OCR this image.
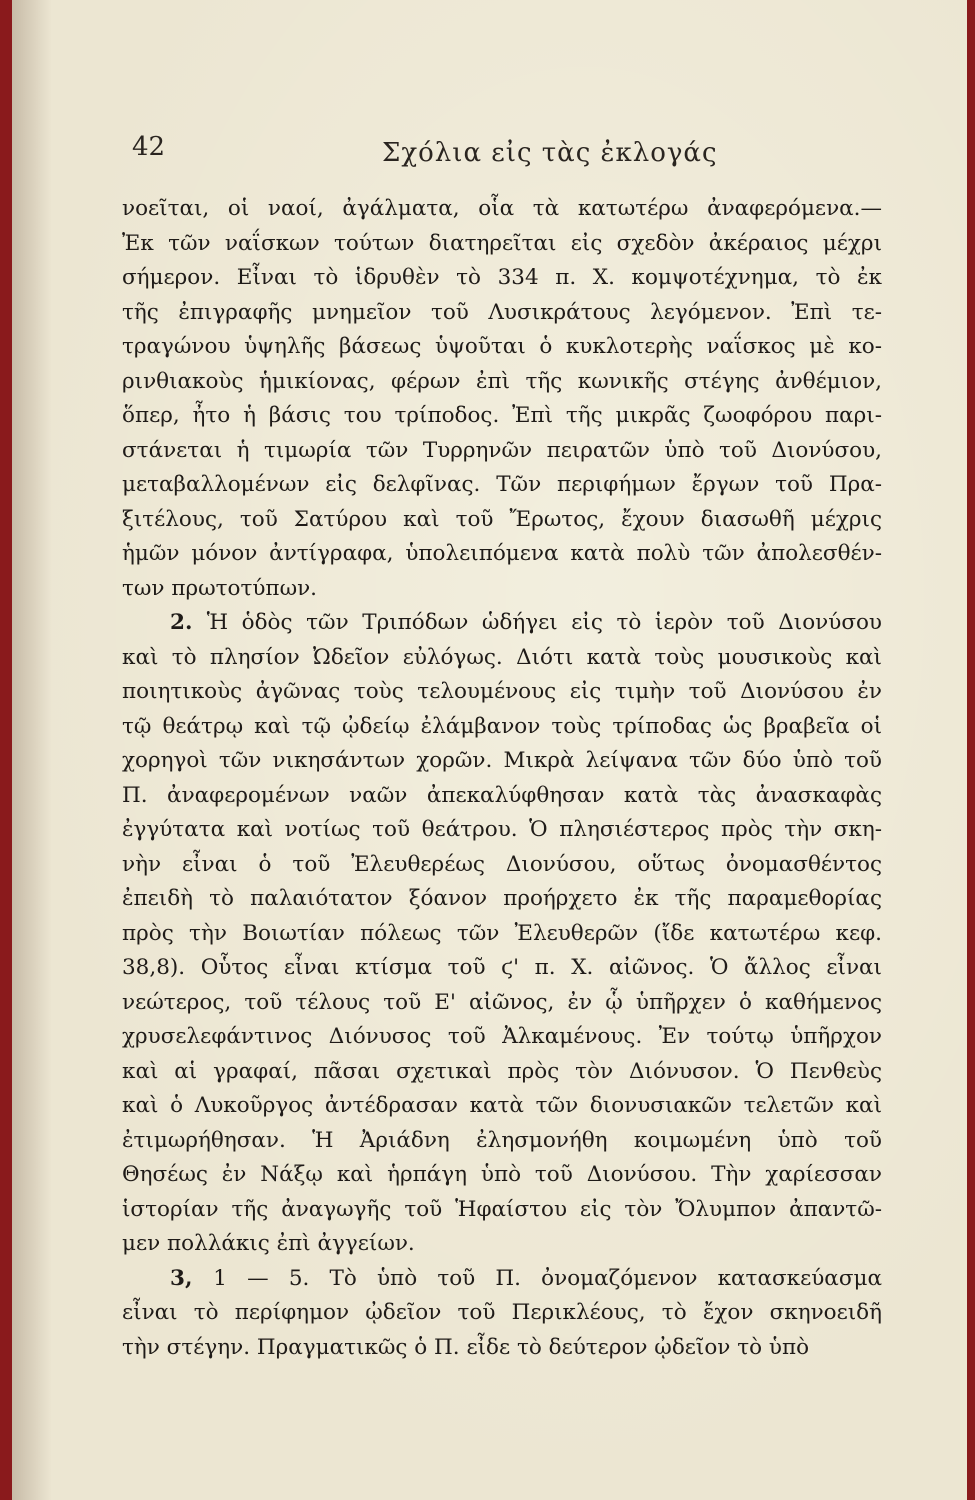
42	Σχόλια εἰς τὰς ἐκλογάς
νοεῖται, οἱ ναοί, ἀγάλματα, οἷα τὰ κατωτέρω ἀναφερόμενα.—
Ἐκ τῶν ναΐσκων τούτων διατηρεῖται εἰς σχεδὸν ἀκέραιος μέχρι
σήμερον. Εἶναι τὸ ἱδρυθὲν τὸ 334 π. Χ. κομψοτέχνημα, τὸ ἐκ
τῆς ἐπιγραφῆς μνημεῖον τοῦ Λυσικράτους λεγόμενον. Ἐπὶ τε-
τραγώνου ὑψηλῆς βάσεως ὑψοῦται ὁ κυκλοτερὴς ναΐσκος μὲ κο-
ρινθιακοὺς ἡμικίονας, φέρων ἐπὶ τῆς κωνικῆς στέγης ἀνθέμιον,
ὅπερ, ἦτο ἡ βάσις του τρίποδος. Ἐπὶ τῆς μικρᾶς ζωοφόρου παρι-
στάνεται ἡ τιμωρία τῶν Τυρρηνῶν πειρατῶν ὑπὸ τοῦ Διονύσου,
μεταβαλλομένων εἰς δελφῖνας. Τῶν περιφήμων ἔργων τοῦ Πρα-
ξιτέλους, τοῦ Σατύρου καὶ τοῦ Ἔρωτος, ἔχουν διασωθῆ μέχρις
ἡμῶν μόνον ἀντίγραφα, ὑπολειπόμενα κατὰ πολὺ τῶν ἀπολεσθέν-
των πρωτοτύπων.
2. Ἡ ὁδὸς τῶν Τριπόδων ὡδήγει εἰς τὸ ἱερὸν τοῦ Διονύσου
καὶ τὸ πλησίον Ὠδεῖον εὐλόγως. Διότι κατὰ τοὺς μουσικοὺς καὶ
ποιητικοὺς ἀγῶνας τοὺς τελουμένους εἰς τιμὴν τοῦ Διονύσου ἐν
τῷ θεάτρῳ καὶ τῷ ᾠδείῳ ἐλάμβανον τοὺς τρίποδας ὡς βραβεῖα οἱ
χορηγοὶ τῶν νικησάντων χορῶν. Μικρὰ λείψανα τῶν δύο ὑπὸ τοῦ
Π. ἀναφερομένων ναῶν ἀπεκαλύφθησαν κατὰ τὰς ἀνασκαφὰς
ἐγγύτατα καὶ νοτίως τοῦ θεάτρου. Ὁ πλησιέστερος πρὸς τὴν σκη-
νὴν εἶναι ὁ τοῦ Ἐλευθερέως Διονύσου, οὕτως ὀνομασθέντος
ἐπειδὴ τὸ παλαιότατον ξόανον προήρχετο ἐκ τῆς παραμεθορίας
πρὸς τὴν Βοιωτίαν πόλεως τῶν Ἐλευθερῶν (ἴδε κατωτέρω κεφ.
38,8). Οὗτος εἶναι κτίσμα τοῦ ϛ' π. Χ. αἰῶνος. Ὁ ἄλλος εἶναι
νεώτερος, τοῦ τέλους τοῦ Ε' αἰῶνος, ἐν ᾧ ὑπῆρχεν ὁ καθήμενος
χρυσελεφάντινος Διόνυσος τοῦ Ἀλκαμένους. Ἐν τούτῳ ὑπῆρχον
καὶ αἱ γραφαί, πᾶσαι σχετικαὶ πρὸς τὸν Διόνυσον. Ὁ Πενθεὺς
καὶ ὁ Λυκοῦργος ἀντέδρασαν κατὰ τῶν διονυσιακῶν τελετῶν καὶ
ἐτιμωρήθησαν. Ἡ Ἀριάδνη ἐλησμονήθη κοιμωμένη ὑπὸ τοῦ
Θησέως ἐν Νάξῳ καὶ ἡρπάγη ὑπὸ τοῦ Διονύσου. Τὴν χαρίεσσαν
ἱστορίαν τῆς ἀναγωγῆς τοῦ Ἡφαίστου εἰς τὸν Ὄλυμπον ἀπαντῶ-
μεν πολλάκις ἐπὶ ἀγγείων.
3, 1 — 5. Τὸ ὑπὸ τοῦ Π. ὀνομαζόμενον κατασκεύασμα
εἶναι τὸ περίφημον ᾠδεῖον τοῦ Περικλέους, τὸ ἔχον σκηνοειδῆ
τὴν στέγην. Πραγματικῶς ὁ Π. εἶδε τὸ δεύτερον ᾠδεῖον τὸ ὑπὸ
